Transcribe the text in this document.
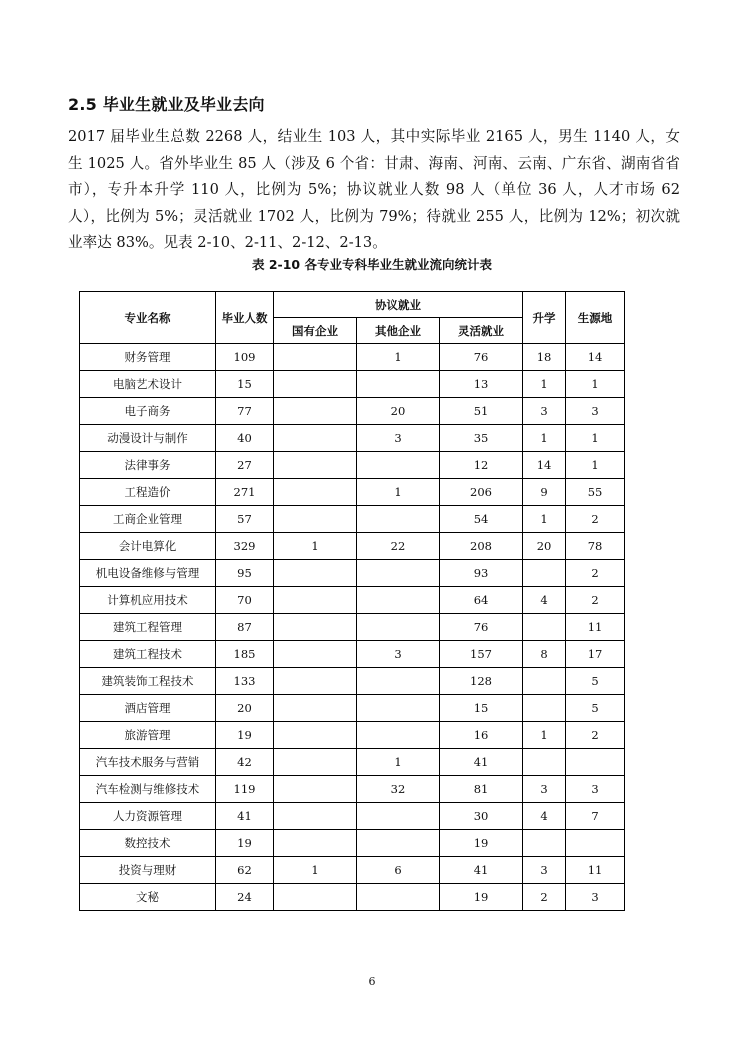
2.5 毕业生就业及毕业去向
2017 届毕业生总数 2268 人，结业生 103 人，其中实际毕业 2165 人，男生 1140 人，女生 1025 人。省外毕业生 85 人（涉及 6 个省：甘肃、海南、河南、云南、广东省、湖南省省市），专升本升学 110 人，比例为 5%；协议就业人数 98 人（单位 36 人，人才市场 62 人），比例为 5%；灵活就业 1702 人，比例为 79%；待就业 255 人，比例为 12%；初次就业率达 83%。见表 2-10、2-11、2-12、2-13。
表 2-10 各专业专科毕业生就业流向统计表
专业名称	毕业人数	协议就业			升学	生源地
		国有企业	其他企业	灵活就业		
财务管理	109		1	76	18	14
电脑艺术设计	15			13	1	1
电子商务	77		20	51	3	3
动漫设计与制作	40		3	35	1	1
法律事务	27			12	14	1
工程造价	271		1	206	9	55
工商企业管理	57			54	1	2
会计电算化	329	1	22	208	20	78
机电设备维修与管理	95			93		2
计算机应用技术	70			64	4	2
建筑工程管理	87			76		11
建筑工程技术	185		3	157	8	17
建筑装饰工程技术	133			128		5
酒店管理	20			15		5
旅游管理	19			16	1	2
汽车技术服务与营销	42		1	41		
汽车检测与维修技术	119		32	81	3	3
人力资源管理	41			30	4	7
数控技术	19			19		
投资与理财	62	1	6	41	3	11
文秘	24			19	2	3
6
